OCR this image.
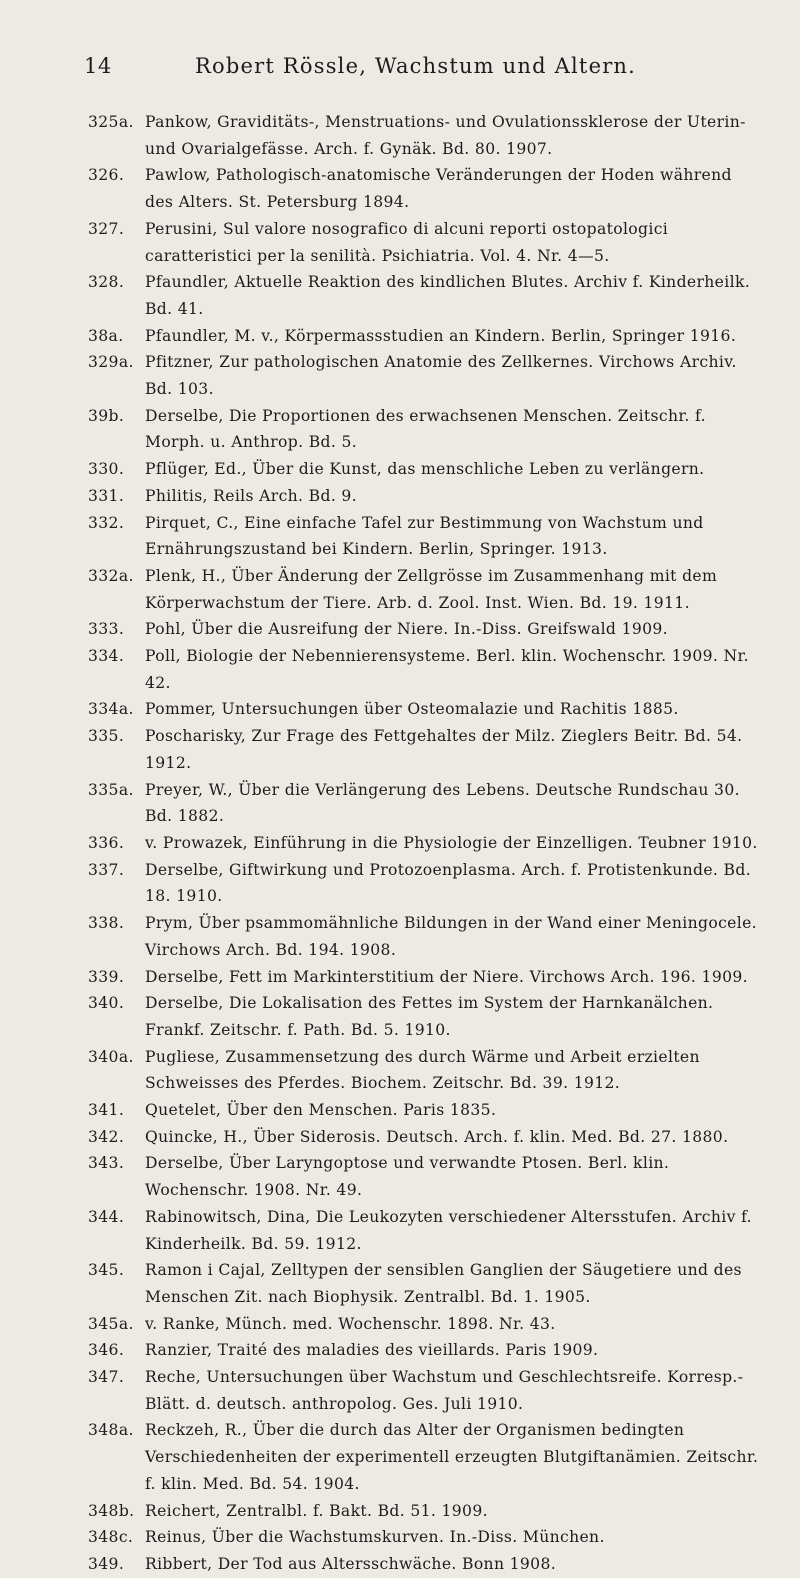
14	Robert Rössle, Wachstum und Altern.
325a. Pankow, Graviditäts-, Menstruations- und Ovulationssklerose der Uterin- und Ovarialgefässe. Arch. f. Gynäk. Bd. 80. 1907.
326. Pawlow, Pathologisch-anatomische Veränderungen der Hoden während des Alters. St. Petersburg 1894.
327. Perusini, Sul valore nosografico di alcuni reporti ostopatologici caratteristici per la senilità. Psichiatria. Vol. 4. Nr. 4—5.
328. Pfaundler, Aktuelle Reaktion des kindlichen Blutes. Archiv f. Kinderheilk. Bd. 41.
38a. Pfaundler, M. v., Körpermassstudien an Kindern. Berlin, Springer 1916.
329a. Pfitzner, Zur pathologischen Anatomie des Zellkernes. Virchows Archiv. Bd. 103.
39b. Derselbe, Die Proportionen des erwachsenen Menschen. Zeitschr. f. Morph. u. Anthrop. Bd. 5.
330. Pflüger, Ed., Über die Kunst, das menschliche Leben zu verlängern.
331. Philitis, Reils Arch. Bd. 9.
332. Pirquet, C., Eine einfache Tafel zur Bestimmung von Wachstum und Ernährungszustand bei Kindern. Berlin, Springer. 1913.
332a. Plenk, H., Über Änderung der Zellgrösse im Zusammenhang mit dem Körperwachstum der Tiere. Arb. d. Zool. Inst. Wien. Bd. 19. 1911.
333. Pohl, Über die Ausreifung der Niere. In.-Diss. Greifswald 1909.
334. Poll, Biologie der Nebennierensysteme. Berl. klin. Wochenschr. 1909. Nr. 42.
334a. Pommer, Untersuchungen über Osteomalazie und Rachitis 1885.
335. Poscharisky, Zur Frage des Fettgehaltes der Milz. Zieglers Beitr. Bd. 54. 1912.
335a. Preyer, W., Über die Verlängerung des Lebens. Deutsche Rundschau 30. Bd. 1882.
336. v. Prowazek, Einführung in die Physiologie der Einzelligen. Teubner 1910.
337. Derselbe, Giftwirkung und Protozoenplasma. Arch. f. Protistenkunde. Bd. 18. 1910.
338. Prym, Über psammomähnliche Bildungen in der Wand einer Meningocele. Virchows Arch. Bd. 194. 1908.
339. Derselbe, Fett im Markinterstitium der Niere. Virchows Arch. 196. 1909.
340. Derselbe, Die Lokalisation des Fettes im System der Harnkanälchen. Frankf. Zeitschr. f. Path. Bd. 5. 1910.
340a. Pugliese, Zusammensetzung des durch Wärme und Arbeit erzielten Schweisses des Pferdes. Biochem. Zeitschr. Bd. 39. 1912.
341. Quetelet, Über den Menschen. Paris 1835.
342. Quincke, H., Über Siderosis. Deutsch. Arch. f. klin. Med. Bd. 27. 1880.
343. Derselbe, Über Laryngoptose und verwandte Ptosen. Berl. klin. Wochenschr. 1908. Nr. 49.
344. Rabinowitsch, Dina, Die Leukozyten verschiedener Altersstufen. Archiv f. Kinderheilk. Bd. 59. 1912.
345. Ramon i Cajal, Zelltypen der sensiblen Ganglien der Säugetiere und des Menschen Zit. nach Biophysik. Zentralbl. Bd. 1. 1905.
345a. v. Ranke, Münch. med. Wochenschr. 1898. Nr. 43.
346. Ranzier, Traité des maladies des vieillards. Paris 1909.
347. Reche, Untersuchungen über Wachstum und Geschlechtsreife. Korresp.-Blätt. d. deutsch. anthropolog. Ges. Juli 1910.
348a. Reckzeh, R., Über die durch das Alter der Organismen bedingten Verschiedenheiten der experimentell erzeugten Blutgiftanämien. Zeitschr. f. klin. Med. Bd. 54. 1904.
348b. Reichert, Zentralbl. f. Bakt. Bd. 51. 1909.
348c. Reinus, Über die Wachstumskurven. In.-Diss. München.
349. Ribbert, Der Tod aus Altersschwäche. Bonn 1908.
